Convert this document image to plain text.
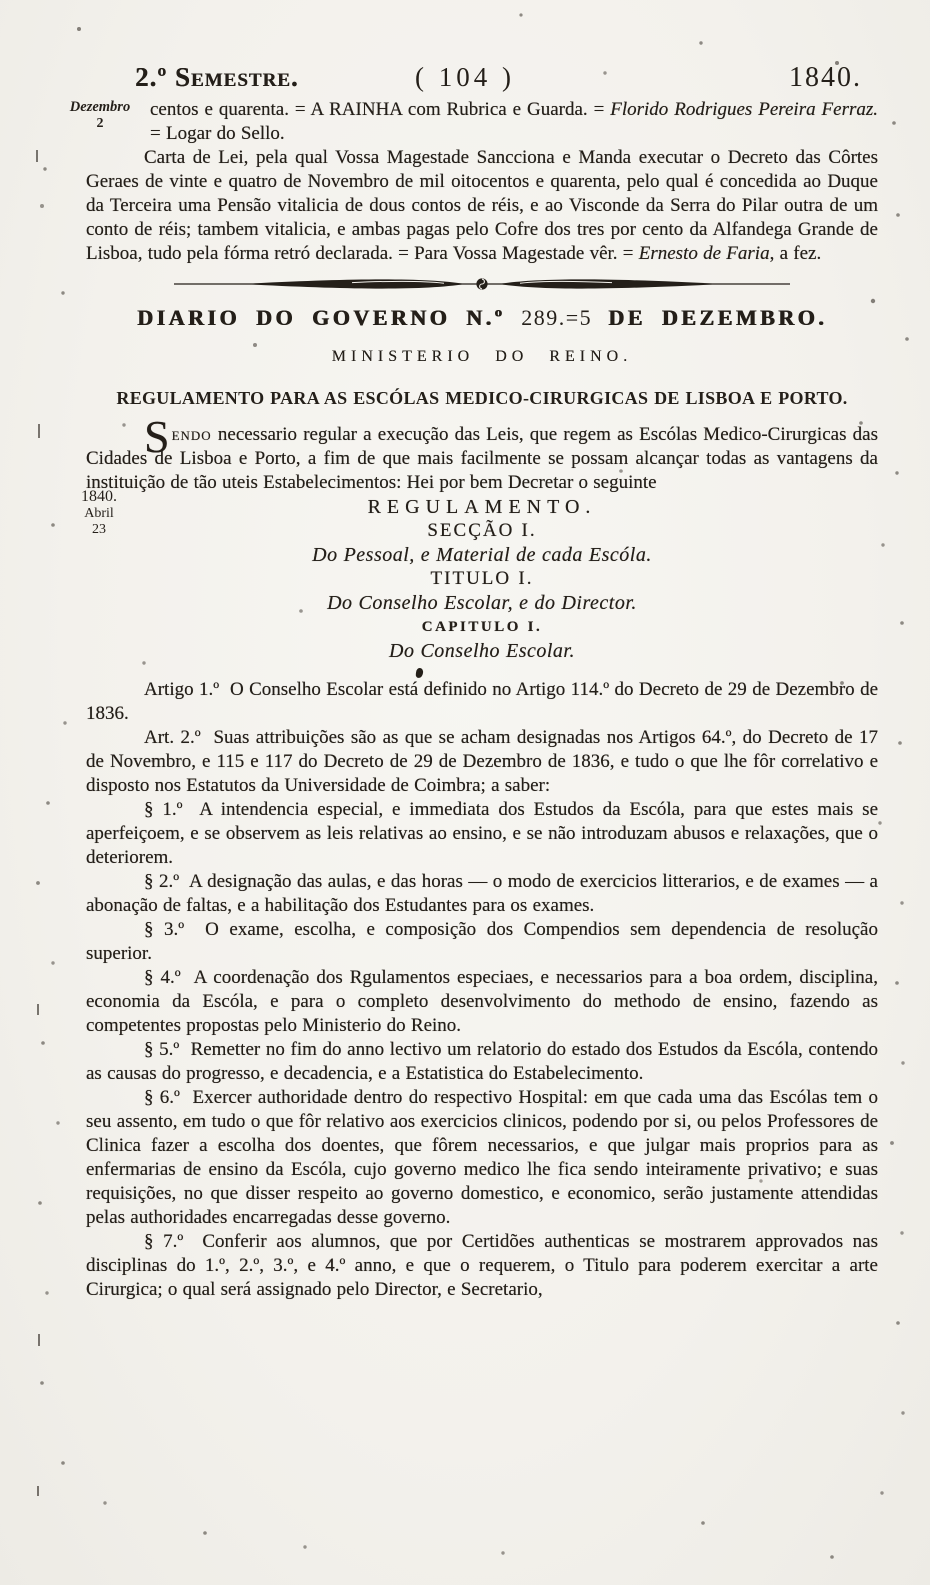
2.º Semestre.	( 104 )	1840.
Dezembro
2
1840.
Abril
23

centos e quarenta. = A RAINHA com Rubrica e Guarda. = Florido Rodrigues Pereira Ferraz. = Logar do Sello.

Carta de Lei, pela qual Vossa Magestade Sancciona e Manda executar o Decreto das Côrtes Geraes de vinte e quatro de Novembro de mil oitocentos e quarenta, pelo qual é concedida ao Duque da Terceira uma Pensão vitalicia de dous contos de réis, e ao Visconde da Serra do Pilar outra de um conto de réis; tambem vitalicia, e ambas pagas pelo Cofre dos tres por cento da Alfandega Grande de Lisboa, tudo pela fórma retró declarada. = Para Vossa Magestade vêr. = Ernesto de Faria, a fez.

DIARIO DO GOVERNO N.º 289.=5 DE DEZEMBRO.
MINISTERIO DO REINO.
REGULAMENTO PARA AS ESCÓLAS MEDICO-CIRURGICAS DE LISBOA E PORTO.

Sendo necessario regular a execução das Leis, que regem as Escólas Medico-Cirurgicas das Cidades de Lisboa e Porto, a fim de que mais facilmente se possam alcançar todas as vantagens da instituição de tão uteis Estabelecimentos: Hei por bem Decretar o seguinte

REGULAMENTO.

SECÇÃO I.

Do Pessoal, e Material de cada Escóla.

TITULO I.

Do Conselho Escolar, e do Director.

CAPITULO I.

Do Conselho Escolar.

Artigo 1.º  O Conselho Escolar está definido no Artigo 114.º do Decreto de 29 de Dezembro de 1836.

Art. 2.º  Suas attribuições são as que se acham designadas nos Artigos 64.º, do Decreto de 17 de Novembro, e 115 e 117 do Decreto de 29 de Dezembro de 1836, e tudo o que lhe fôr correlativo e disposto nos Estatutos da Universidade de Coimbra; a saber:

§ 1.º  A intendencia especial, e immediata dos Estudos da Escóla, para que estes mais se aperfeiçoem, e se observem as leis relativas ao ensino, e se não introduzam abusos e relaxações, que o deteriorem.

§ 2.º  A designação das aulas, e das horas — o modo de exercicios litterarios, e de exames — a abonação de faltas, e a habilitação dos Estudantes para os exames.

§ 3.º  O exame, escolha, e composição dos Compendios sem dependencia de resolução superior.

§ 4.º  A coordenação dos Rgulamentos especiaes, e necessarios para a boa ordem, disciplina, economia da Escóla, e para o completo desenvolvimento do methodo de ensino, fazendo as competentes propostas pelo Ministerio do Reino.

§ 5.º  Remetter no fim do anno lectivo um relatorio do estado dos Estudos da Escóla, contendo as causas do progresso, e decadencia, e a Estatistica do Estabelecimento.

§ 6.º  Exercer authoridade dentro do respectivo Hospital: em que cada uma das Escólas tem o seu assento, em tudo o que fôr relativo aos exercicios clinicos, podendo por si, ou pelos Professores de Clinica fazer a escolha dos doentes, que fôrem necessarios, e que julgar mais proprios para as enfermarias de ensino da Escóla, cujo governo medico lhe fica sendo inteiramente privativo; e suas requisições, no que disser respeito ao governo domestico, e economico, serão justamente attendidas pelas authoridades encarregadas desse governo.

§ 7.º  Conferir aos alumnos, que por Certidões authenticas se mostrarem approvados nas disciplinas do 1.º, 2.º, 3.º, e 4.º anno, e que o requerem, o Titulo para poderem exercitar a arte Cirurgica; o qual será assignado pelo Director, e Secretario,
